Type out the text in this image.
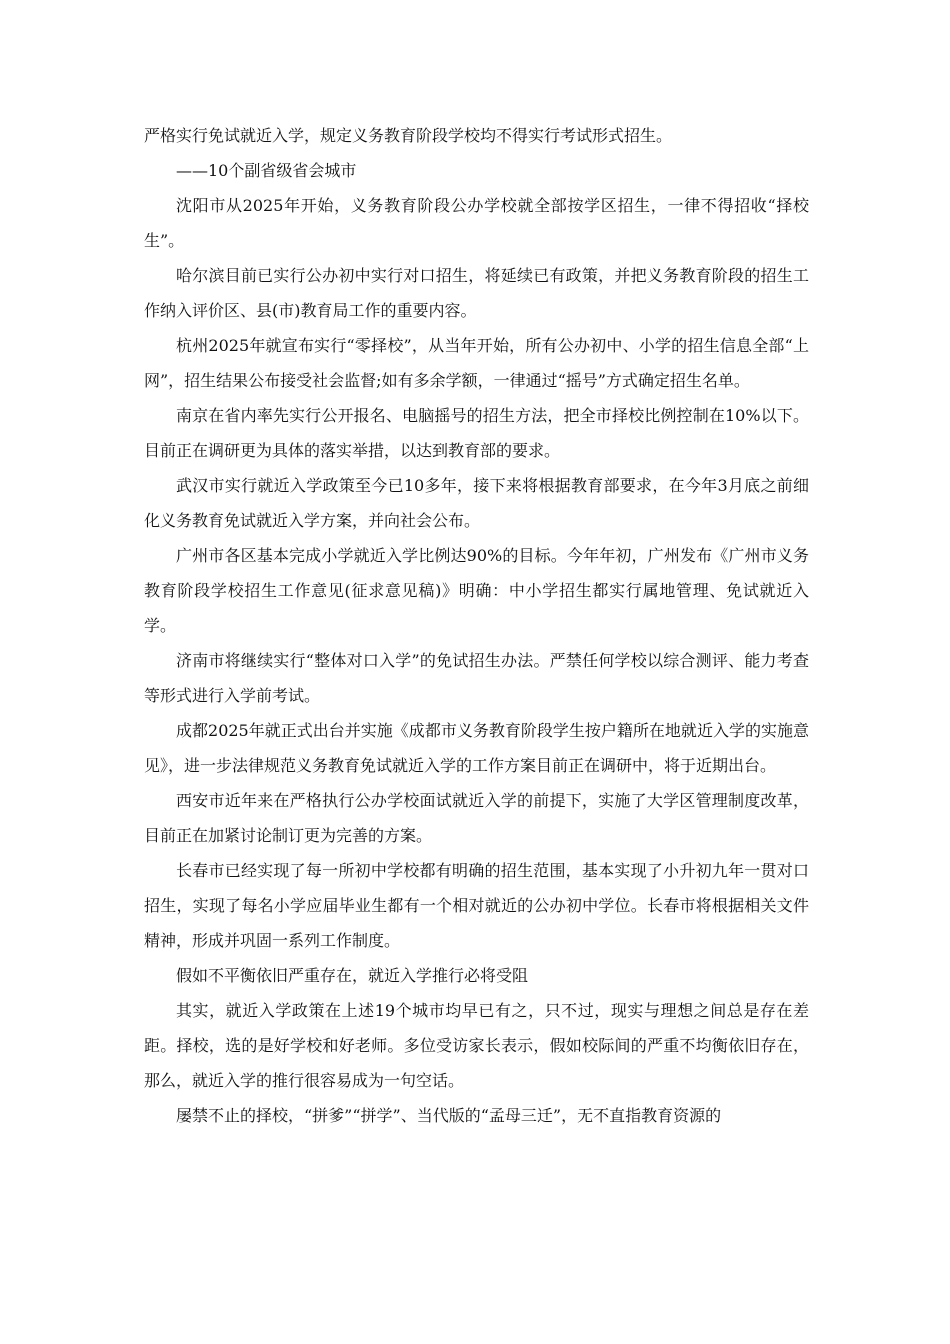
严格实行免试就近入学，规定义务教育阶段学校均不得实行考试形式招生。

——10个副省级省会城市

沈阳市从2025年开始，义务教育阶段公办学校就全部按学区招生，一律不得招收“择校生”。

哈尔滨目前已实行公办初中实行对口招生，将延续已有政策，并把义务教育阶段的招生工作纳入评价区、县(市)教育局工作的重要内容。

杭州2025年就宣布实行“零择校”，从当年开始，所有公办初中、小学的招生信息全部“上网”，招生结果公布接受社会监督;如有多余学额，一律通过“摇号”方式确定招生名单。

南京在省内率先实行公开报名、电脑摇号的招生方法，把全市择校比例控制在10%以下。目前正在调研更为具体的落实举措，以达到教育部的要求。

武汉市实行就近入学政策至今已10多年，接下来将根据教育部要求，在今年3月底之前细化义务教育免试就近入学方案，并向社会公布。

广州市各区基本完成小学就近入学比例达90%的目标。今年年初，广州发布《广州市义务教育阶段学校招生工作意见(征求意见稿)》明确：中小学招生都实行属地管理、免试就近入学。

济南市将继续实行“整体对口入学”的免试招生办法。严禁任何学校以综合测评、能力考查等形式进行入学前考试。

成都2025年就正式出台并实施《成都市义务教育阶段学生按户籍所在地就近入学的实施意见》，进一步法律规范义务教育免试就近入学的工作方案目前正在调研中，将于近期出台。

西安市近年来在严格执行公办学校面试就近入学的前提下，实施了大学区管理制度改革，目前正在加紧讨论制订更为完善的方案。

长春市已经实现了每一所初中学校都有明确的招生范围，基本实现了小升初九年一贯对口招生，实现了每名小学应届毕业生都有一个相对就近的公办初中学位。长春市将根据相关文件精神，形成并巩固一系列工作制度。

假如不平衡依旧严重存在，就近入学推行必将受阻

其实，就近入学政策在上述19个城市均早已有之，只不过，现实与理想之间总是存在差距。择校，选的是好学校和好老师。多位受访家长表示，假如校际间的严重不均衡依旧存在，那么，就近入学的推行很容易成为一句空话。

屡禁不止的择校，“拼爹”“拼学”、当代版的“孟母三迁”，无不直指教育资源的
